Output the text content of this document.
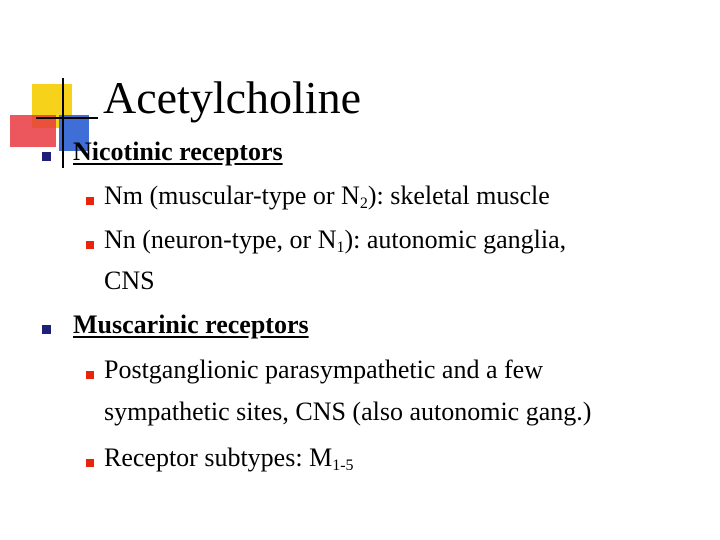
Acetylcholine
Nicotinic receptors
Nm (muscular-type or $N_2$): skeletal muscle
Nn (neuron-type, or $N_1$): autonomic ganglia,
CNS
Muscarinic receptors
Postganglionic parasympathetic and a few
sympathetic sites, CNS (also autonomic gang.)
Receptor subtypes: $M_{1-5}$
